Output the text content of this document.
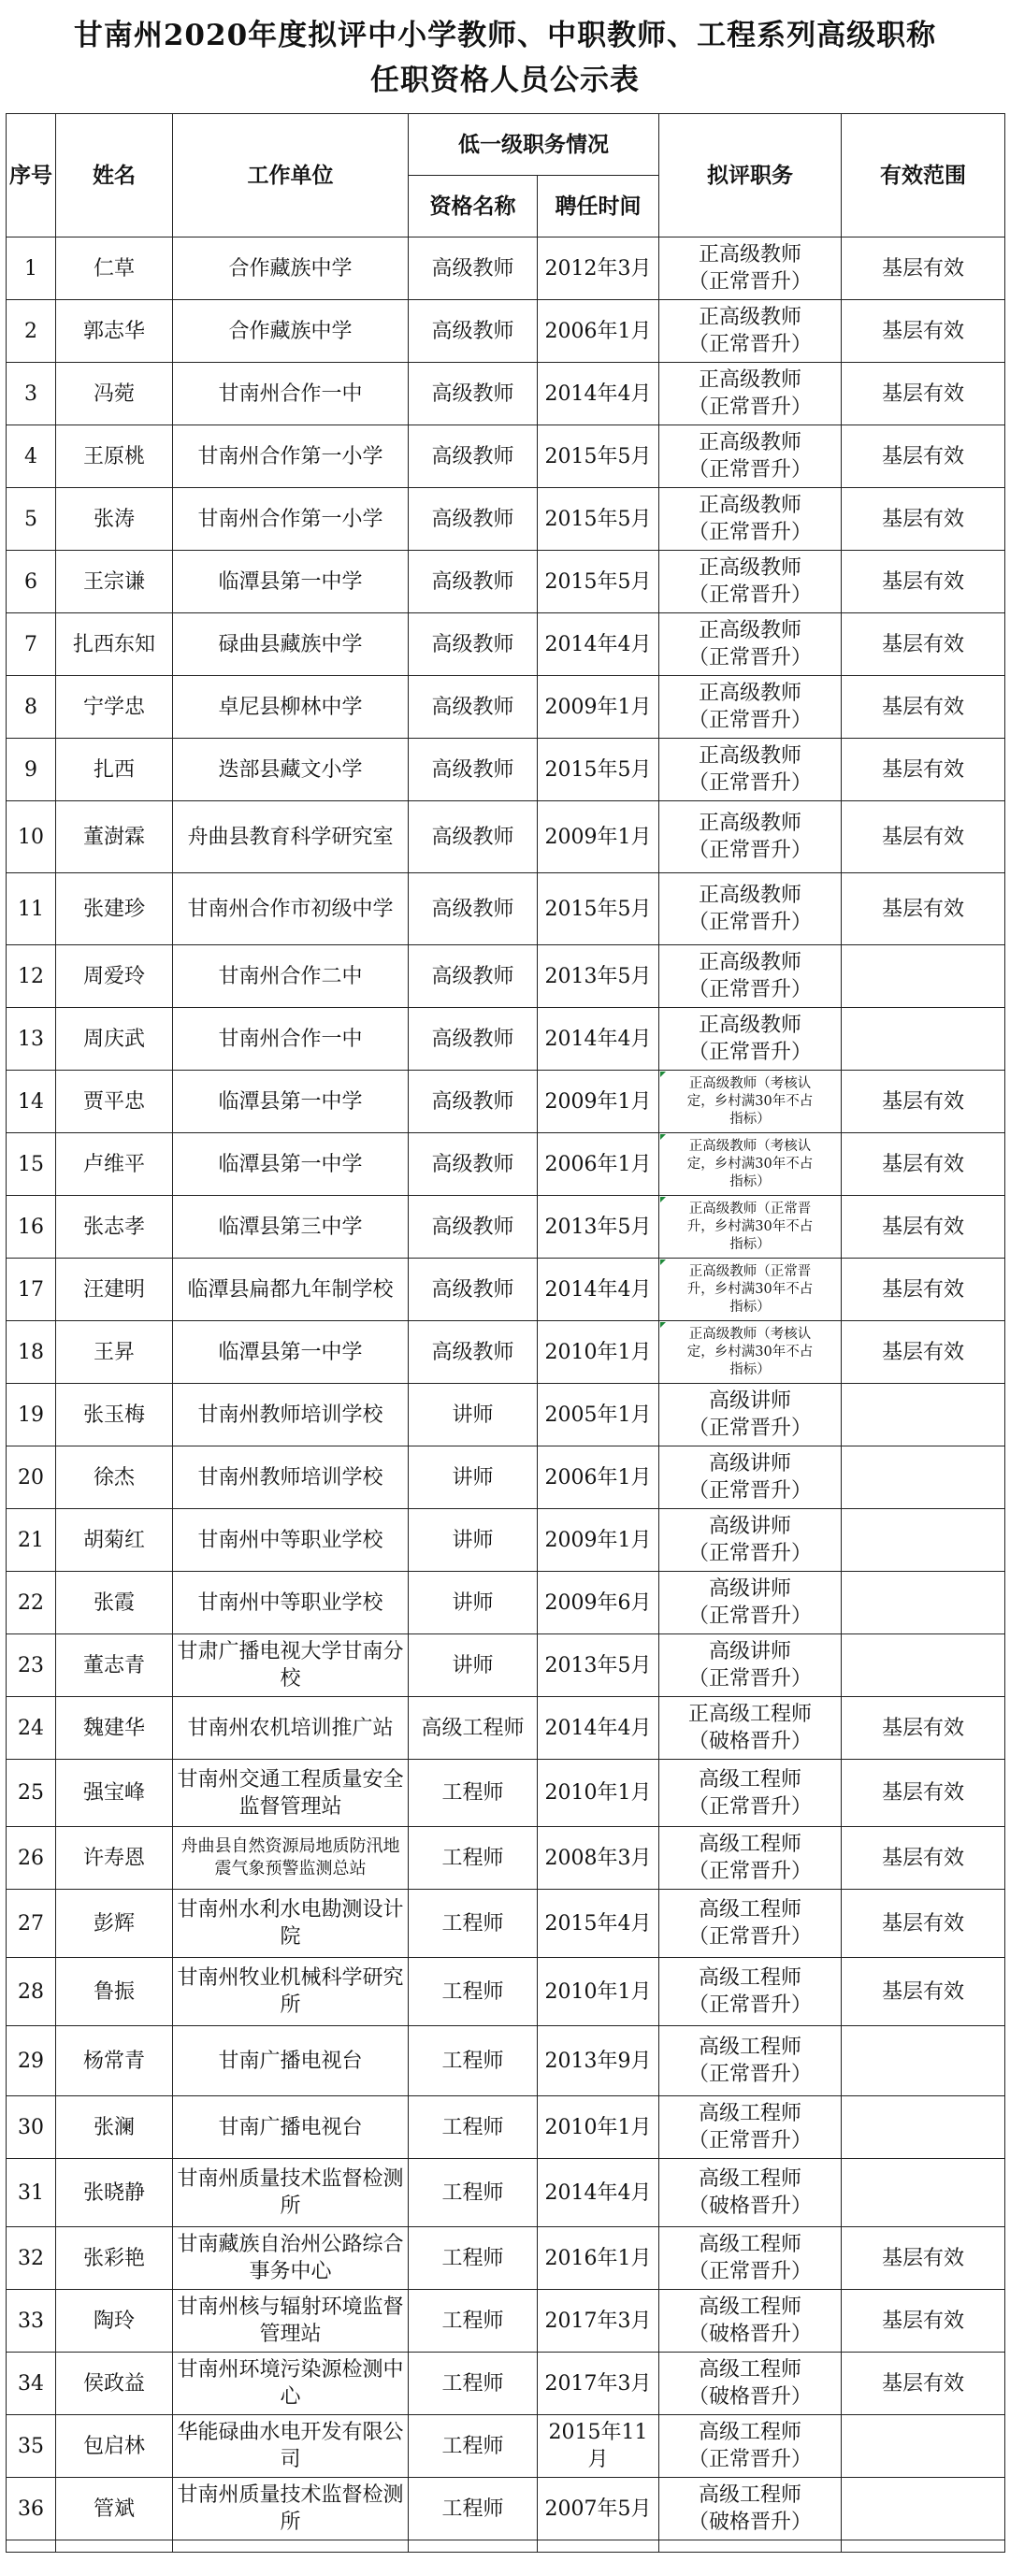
甘南州2020年度拟评中小学教师、中职教师、工程系列高级职称
任职资格人员公示表
序号	姓名	工作单位	低一级职务情况		拟评职务	有效范围
			资格名称	聘任时间		
1	仁草	合作藏族中学	高级教师	2012年3月	正高级教师
（正常晋升）	基层有效
2	郭志华	合作藏族中学	高级教师	2006年1月	正高级教师
（正常晋升）	基层有效
3	冯菀	甘南州合作一中	高级教师	2014年4月	正高级教师
（正常晋升）	基层有效
4	王原桃	甘南州合作第一小学	高级教师	2015年5月	正高级教师
（正常晋升）	基层有效
5	张涛	甘南州合作第一小学	高级教师	2015年5月	正高级教师
（正常晋升）	基层有效
6	王宗谦	临潭县第一中学	高级教师	2015年5月	正高级教师
（正常晋升）	基层有效
7	扎西东知	碌曲县藏族中学	高级教师	2014年4月	正高级教师
（正常晋升）	基层有效
8	宁学忠	卓尼县柳林中学	高级教师	2009年1月	正高级教师
（正常晋升）	基层有效
9	扎西	迭部县藏文小学	高级教师	2015年5月	正高级教师
（正常晋升）	基层有效
10	董澍霖	舟曲县教育科学研究室	高级教师	2009年1月	正高级教师
（正常晋升）	基层有效
11	张建珍	甘南州合作市初级中学	高级教师	2015年5月	正高级教师
（正常晋升）	基层有效
12	周爱玲	甘南州合作二中	高级教师	2013年5月	正高级教师
（正常晋升）	

13	周庆武	甘南州合作一中	高级教师	2014年4月	正高级教师
（正常晋升）	

14	贾平忠	临潭县第一中学	高级教师	2009年1月	正高级教师（考核认
定，乡村满30年不占
指标）	基层有效
15	卢维平	临潭县第一中学	高级教师	2006年1月	正高级教师（考核认
定，乡村满30年不占
指标）	基层有效
16	张志孝	临潭县第三中学	高级教师	2013年5月	正高级教师（正常晋
升，乡村满30年不占
指标）	基层有效
17	汪建明	临潭县扁都九年制学校	高级教师	2014年4月	正高级教师（正常晋
升，乡村满30年不占
指标）	基层有效
18	王昇	临潭县第一中学	高级教师	2010年1月	正高级教师（考核认
定，乡村满30年不占
指标）	基层有效
19	张玉梅	甘南州教师培训学校	讲师	2005年1月	高级讲师
（正常晋升）	

20	徐杰	甘南州教师培训学校	讲师	2006年1月	高级讲师
（正常晋升）	

21	胡菊红	甘南州中等职业学校	讲师	2009年1月	高级讲师
（正常晋升）	

22	张霞	甘南州中等职业学校	讲师	2009年6月	高级讲师
（正常晋升）	

23	董志青	甘肃广播电视大学甘南分校	讲师	2013年5月	高级讲师
（正常晋升）	

24	魏建华	甘南州农机培训推广站	高级工程师	2014年4月	正高级工程师
（破格晋升）	基层有效
25	强宝峰	甘南州交通工程质量安全监督管理站	工程师	2010年1月	高级工程师
（正常晋升）	基层有效
26	许寿恩	舟曲县自然资源局地质防汛地震气象预警监测总站	工程师	2008年3月	高级工程师
（正常晋升）	基层有效
27	彭辉	甘南州水利水电勘测设计院	工程师	2015年4月	高级工程师
（正常晋升）	基层有效
28	鲁振	甘南州牧业机械科学研究所	工程师	2010年1月	高级工程师
（正常晋升）	基层有效
29	杨常青	甘南广播电视台	工程师	2013年9月	高级工程师
（正常晋升）	

30	张澜	甘南广播电视台	工程师	2010年1月	高级工程师
（正常晋升）	

31	张晓静	甘南州质量技术监督检测所	工程师	2014年4月	高级工程师
（破格晋升）	

32	张彩艳	甘南藏族自治州公路综合事务中心	工程师	2016年1月	高级工程师
（正常晋升）	基层有效
33	陶玲	甘南州核与辐射环境监督管理站	工程师	2017年3月	高级工程师
（破格晋升）	基层有效
34	侯政益	甘南州环境污染源检测中心	工程师	2017年3月	高级工程师
（破格晋升）	基层有效
35	包启林	华能碌曲水电开发有限公司	工程师	2015年11月	高级工程师
（正常晋升）	

36	管斌	甘南州质量技术监督检测所	工程师	2007年5月	高级工程师
（破格晋升）	
